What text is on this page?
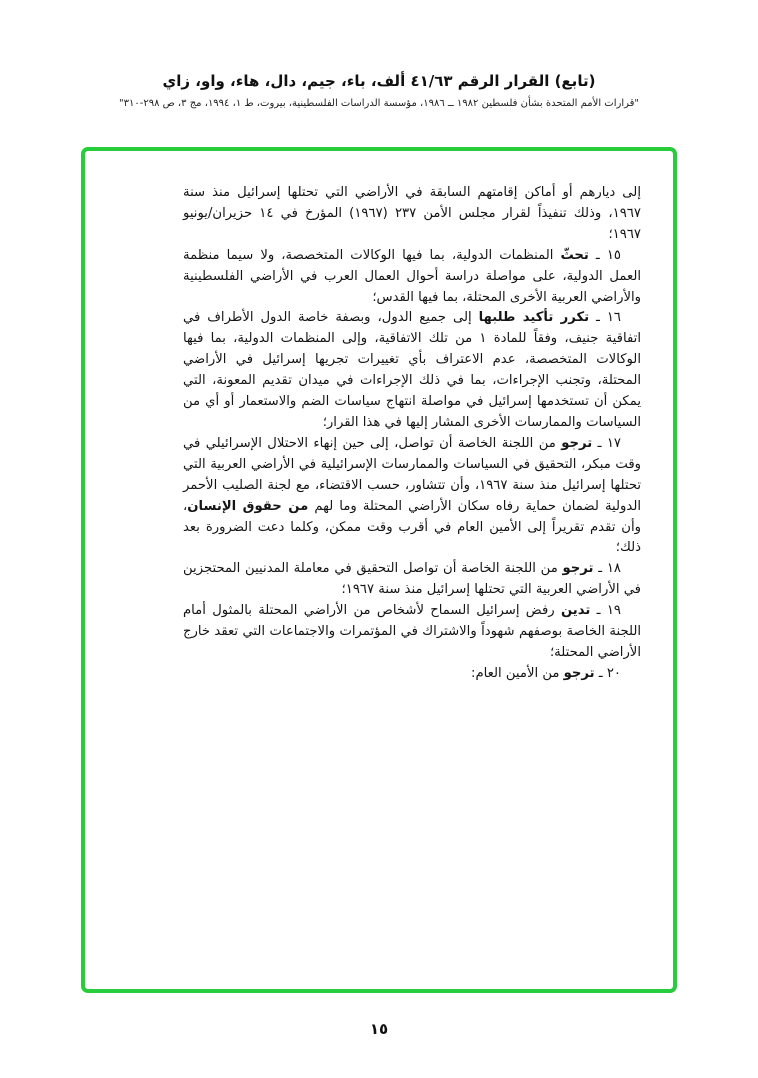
(تابع) القرار الرقم ٤١/٦٣ ألف، باء، جيم، دال، هاء، واو، زاي
"قرارات الأمم المتحدة بشأن فلسطين ١٩٨٢ ــ ١٩٨٦، مؤسسة الدراسات الفلسطينية، بيروت، ط ١، ١٩٩٤، مج ٣، ص ٢٩٨-٣١٠"

إلى ديارهم أو أماكن إقامتهم السابقة في الأراضي التي تحتلها إسرائيل منذ سنة ١٩٦٧، وذلك تنفيذاً لقرار مجلس الأمن ٢٣٧ (١٩٦٧) المؤرخ في ١٤ حزيران/يونيو ١٩٦٧؛

١٥ ـ تحثّ المنظمات الدولية، بما فيها الوكالات المتخصصة، ولا سيما منظمة العمل الدولية، على مواصلة دراسة أحوال العمال العرب في الأراضي الفلسطينية والأراضي العربية الأخرى المحتلة، بما فيها القدس؛

١٦ ـ تكرر تأكيد طلبها إلى جميع الدول، وبصفة خاصة الدول الأطراف في اتفاقية جنيف، وفقاً للمادة ١ من تلك الاتفاقية، وإلى المنظمات الدولية، بما فيها الوكالات المتخصصة، عدم الاعتراف بأي تغييرات تجريها إسرائيل في الأراضي المحتلة، وتجنب الإجراءات، بما في ذلك الإجراءات في ميدان تقديم المعونة، التي يمكن أن تستخدمها إسرائيل في مواصلة انتهاج سياسات الضم والاستعمار أو أي من السياسات والممارسات الأخرى المشار إليها في هذا القرار؛

١٧ ـ ترجو من اللجنة الخاصة أن تواصل، إلى حين إنهاء الاحتلال الإسرائيلي في وقت مبكر، التحقيق في السياسات والممارسات الإسرائيلية في الأراضي العربية التي تحتلها إسرائيل منذ سنة ١٩٦٧، وأن تتشاور، حسب الاقتضاء، مع لجنة الصليب الأحمر الدولية لضمان حماية رفاه سكان الأراضي المحتلة وما لهم من حقوق الإنسان، وأن تقدم تقريراً إلى الأمين العام في أقرب وقت ممكن، وكلما دعت الضرورة بعد ذلك؛

١٨ ـ ترجو من اللجنة الخاصة أن تواصل التحقيق في معاملة المدنيين المحتجزين في الأراضي العربية التي تحتلها إسرائيل منذ سنة ١٩٦٧؛

١٩ ـ تدين رفض إسرائيل السماح لأشخاص من الأراضي المحتلة بالمثول أمام اللجنة الخاصة بوصفهم شهوداً والاشتراك في المؤتمرات والاجتماعات التي تعقد خارج الأراضي المحتلة؛

٢٠ ـ ترجو من الأمين العام:

١٥
